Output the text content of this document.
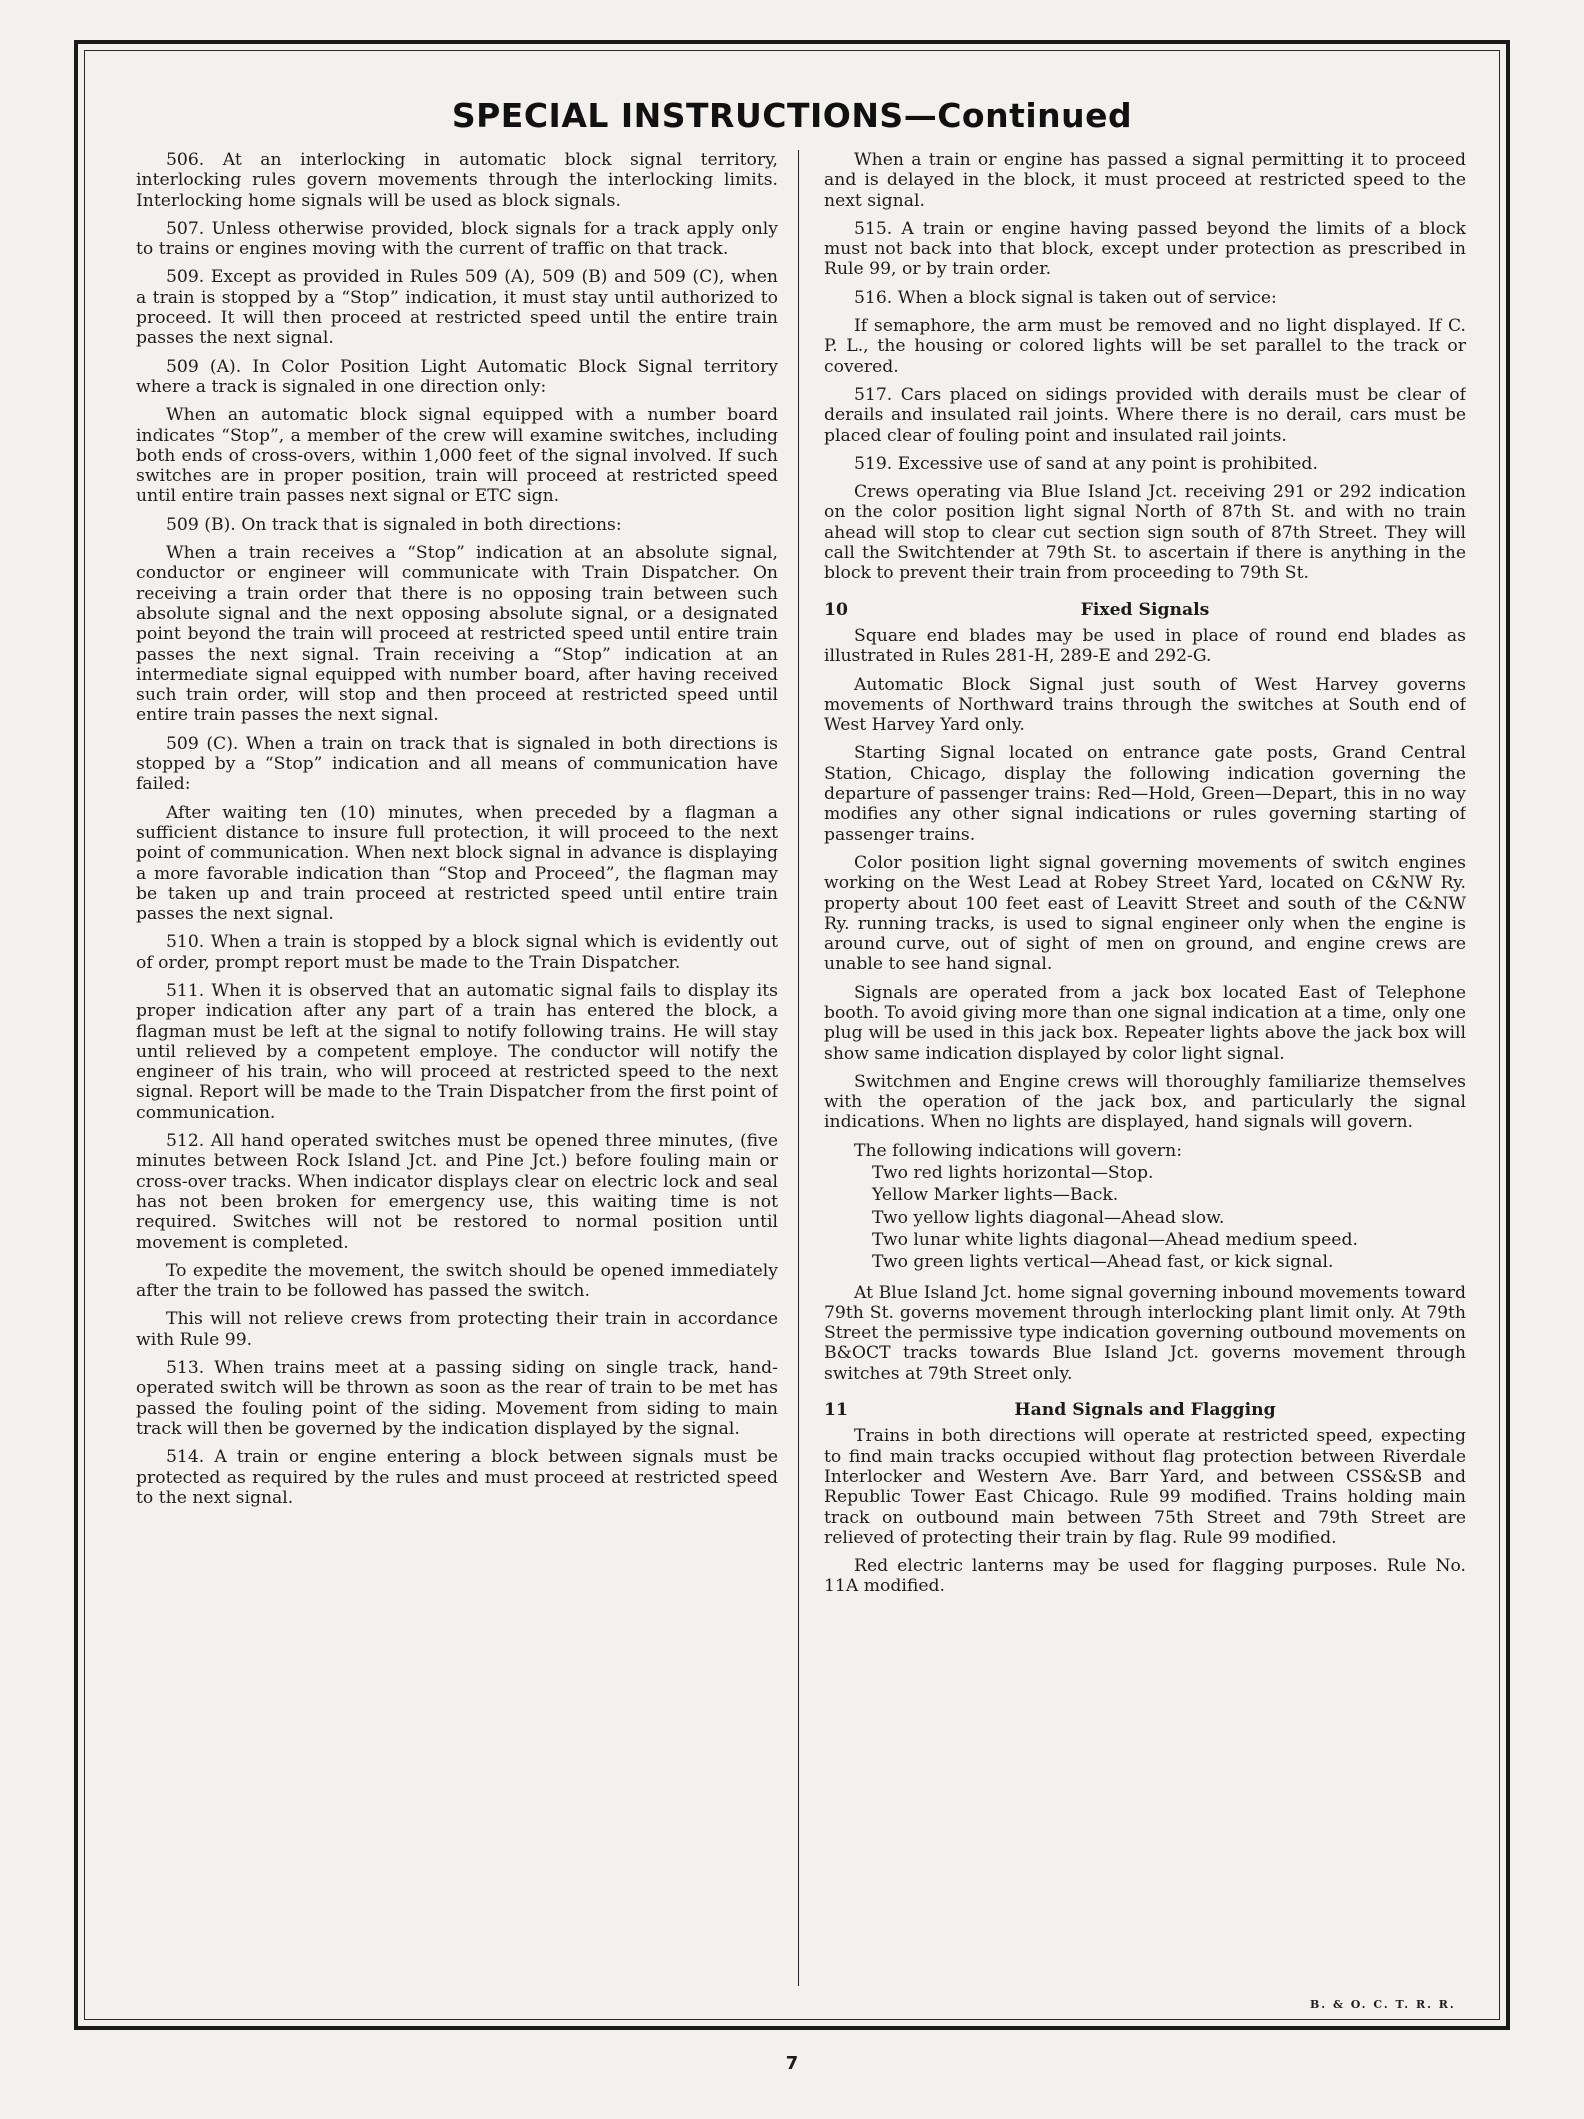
SPECIAL INSTRUCTIONS—Continued

506. At an interlocking in automatic block signal territory, interlocking rules govern movements through the interlocking limits. Interlocking home signals will be used as block signals.

507. Unless otherwise provided, block signals for a track apply only to trains or engines moving with the current of traffic on that track.

509. Except as provided in Rules 509 (A), 509 (B) and 509 (C), when a train is stopped by a “Stop” indication, it must stay until authorized to proceed. It will then proceed at restricted speed until the entire train passes the next signal.

509 (A). In Color Position Light Automatic Block Signal territory where a track is signaled in one direction only:

When an automatic block signal equipped with a number board indicates “Stop”, a member of the crew will examine switches, including both ends of cross-overs, within 1,000 feet of the signal involved. If such switches are in proper position, train will proceed at restricted speed until entire train passes next signal or ETC sign.

509 (B). On track that is signaled in both directions:

When a train receives a “Stop” indication at an absolute signal, conductor or engineer will communicate with Train Dispatcher. On receiving a train order that there is no opposing train between such absolute signal and the next opposing absolute signal, or a designated point beyond the train will proceed at restricted speed until entire train passes the next signal. Train receiving a “Stop” indication at an intermediate signal equipped with number board, after having received such train order, will stop and then proceed at restricted speed until entire train passes the next signal.

509 (C). When a train on track that is signaled in both directions is stopped by a “Stop” indication and all means of communication have failed:

After waiting ten (10) minutes, when preceded by a flagman a sufficient distance to insure full protection, it will proceed to the next point of communication. When next block signal in advance is displaying a more favorable indication than “Stop and Proceed”, the flagman may be taken up and train proceed at restricted speed until entire train passes the next signal.

510. When a train is stopped by a block signal which is evidently out of order, prompt report must be made to the Train Dispatcher.

511. When it is observed that an automatic signal fails to display its proper indication after any part of a train has entered the block, a flagman must be left at the signal to notify following trains. He will stay until relieved by a competent employe. The conductor will notify the engineer of his train, who will proceed at restricted speed to the next signal. Report will be made to the Train Dispatcher from the first point of communication.

512. All hand operated switches must be opened three minutes, (five minutes between Rock Island Jct. and Pine Jct.) before fouling main or cross-over tracks. When indicator displays clear on electric lock and seal has not been broken for emergency use, this waiting time is not required. Switches will not be restored to normal position until movement is completed.

To expedite the movement, the switch should be opened immediately after the train to be followed has passed the switch.

This will not relieve crews from protecting their train in accordance with Rule 99.

513. When trains meet at a passing siding on single track, hand-operated switch will be thrown as soon as the rear of train to be met has passed the fouling point of the siding. Movement from siding to main track will then be governed by the indication displayed by the signal.

514. A train or engine entering a block between signals must be protected as required by the rules and must proceed at restricted speed to the next signal.

When a train or engine has passed a signal permitting it to proceed and is delayed in the block, it must proceed at restricted speed to the next signal.

515. A train or engine having passed beyond the limits of a block must not back into that block, except under protection as prescribed in Rule 99, or by train order.

516. When a block signal is taken out of service:

If semaphore, the arm must be removed and no light displayed. If C. P. L., the housing or colored lights will be set parallel to the track or covered.

517. Cars placed on sidings provided with derails must be clear of derails and insulated rail joints. Where there is no derail, cars must be placed clear of fouling point and insulated rail joints.

519. Excessive use of sand at any point is prohibited.

Crews operating via Blue Island Jct. receiving 291 or 292 indication on the color position light signal North of 87th St. and with no train ahead will stop to clear cut section sign south of 87th Street. They will call the Switchtender at 79th St. to ascertain if there is anything in the block to prevent their train from proceeding to 79th St.

10	Fixed Signals

Square end blades may be used in place of round end blades as illustrated in Rules 281-H, 289-E and 292-G.

Automatic Block Signal just south of West Harvey governs movements of Northward trains through the switches at South end of West Harvey Yard only.

Starting Signal located on entrance gate posts, Grand Central Station, Chicago, display the following indication governing the departure of passenger trains: Red—Hold, Green—Depart, this in no way modifies any other signal indications or rules governing starting of passenger trains.

Color position light signal governing movements of switch engines working on the West Lead at Robey Street Yard, located on C&NW Ry. property about 100 feet east of Leavitt Street and south of the C&NW Ry. running tracks, is used to signal engineer only when the engine is around curve, out of sight of men on ground, and engine crews are unable to see hand signal.

Signals are operated from a jack box located East of Telephone booth. To avoid giving more than one signal indication at a time, only one plug will be used in this jack box. Repeater lights above the jack box will show same indication displayed by color light signal.

Switchmen and Engine crews will thoroughly familiarize themselves with the operation of the jack box, and particularly the signal indications. When no lights are displayed, hand signals will govern.

The following indications will govern:
Two red lights horizontal—Stop.
Yellow Marker lights—Back.
Two yellow lights diagonal—Ahead slow.
Two lunar white lights diagonal—Ahead medium speed.
Two green lights vertical—Ahead fast, or kick signal.

At Blue Island Jct. home signal governing inbound movements toward 79th St. governs movement through interlocking plant limit only. At 79th Street the permissive type indication governing outbound movements on B&OCT tracks towards Blue Island Jct. governs movement through switches at 79th Street only.

11	Hand Signals and Flagging

Trains in both directions will operate at restricted speed, expecting to find main tracks occupied without flag protection between Riverdale Interlocker and Western Ave. Barr Yard, and between CSS&SB and Republic Tower East Chicago. Rule 99 modified. Trains holding main track on outbound main between 75th Street and 79th Street are relieved of protecting their train by flag. Rule 99 modified.

Red electric lanterns may be used for flagging purposes. Rule No. 11A modified.

B. & O. C. T. R. R.
7
